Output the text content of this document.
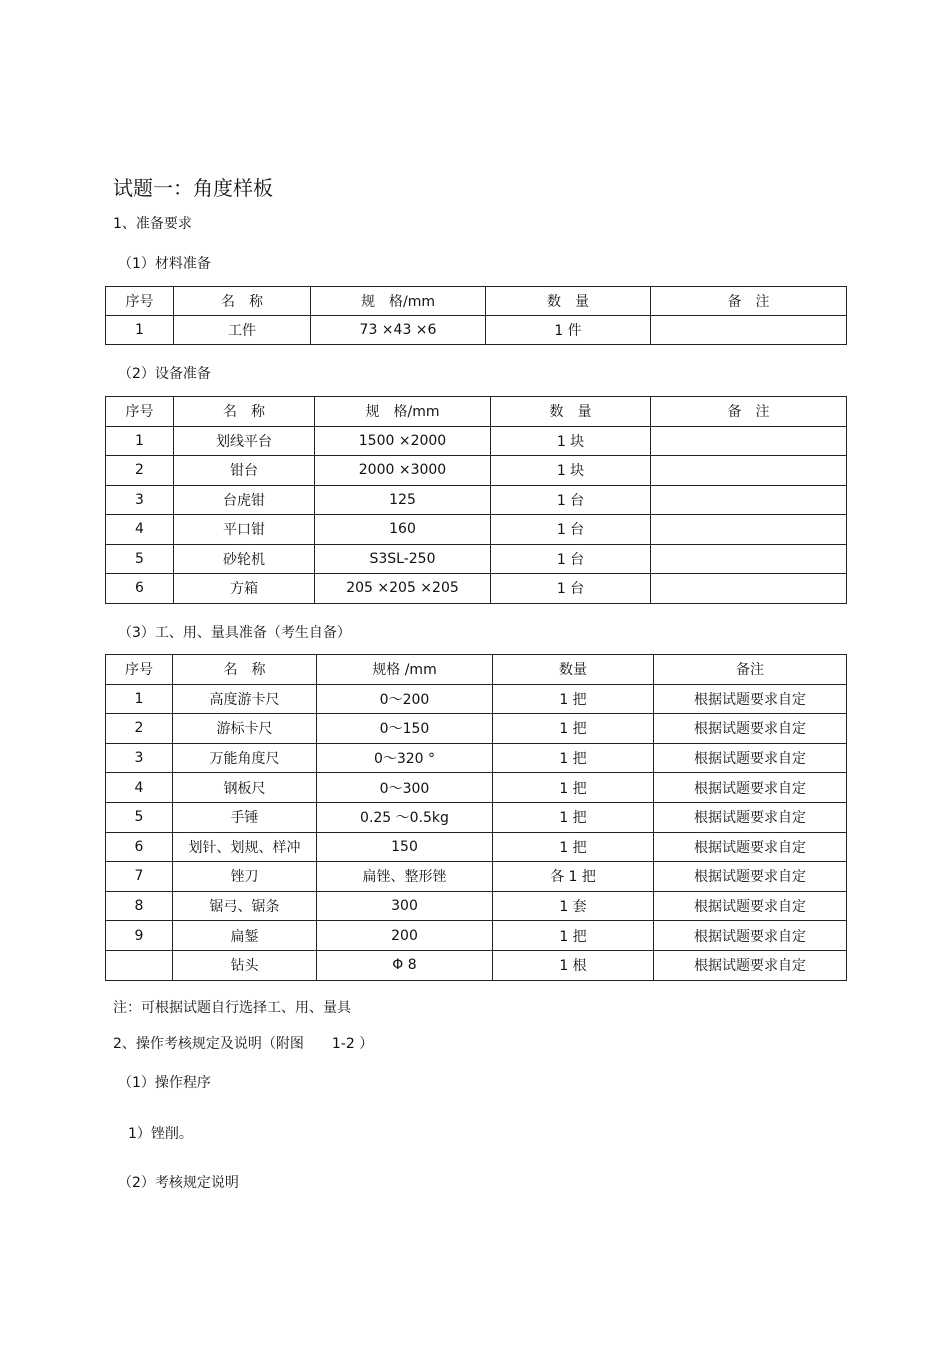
试题一：角度样板
1、准备要求
（1）材料准备
序号	名　称	规　格/mm	数　量	备　注
1	工件	73 ×43 ×6	1 件	
（2）设备准备
序号	名　称	规　格/mm	数　量	备　注
1	划线平台	1500 ×2000	1 块	
2	钳台	2000 ×3000	1 块	
3	台虎钳	125	1 台	
4	平口钳	160	1 台	
5	砂轮机	S3SL-250	1 台	
6	方箱	205 ×205 ×205	1 台	
（3）工、用、量具准备（考生自备）
序号	名　称	规格 /mm	数量	备注
1	高度游卡尺	0～200	1 把	根据试题要求自定
2	游标卡尺	0～150	1 把	根据试题要求自定
3	万能角度尺	0～320 °	1 把	根据试题要求自定
4	钢板尺	0～300	1 把	根据试题要求自定
5	手锤	0.25 ～0.5kg	1 把	根据试题要求自定
6	划针、划规、样冲	150	1 把	根据试题要求自定
7	锉刀	扁锉、整形锉	各 1 把	根据试题要求自定
8	锯弓、锯条	300	1 套	根据试题要求自定
9	扁錾	200	1 把	根据试题要求自定
	钻头	Φ 8	1 根	根据试题要求自定
注：可根据试题自行选择工、用、量具
2、操作考核规定及说明（附图　　1-2 ）
（1）操作程序
1）锉削。
（2）考核规定说明
